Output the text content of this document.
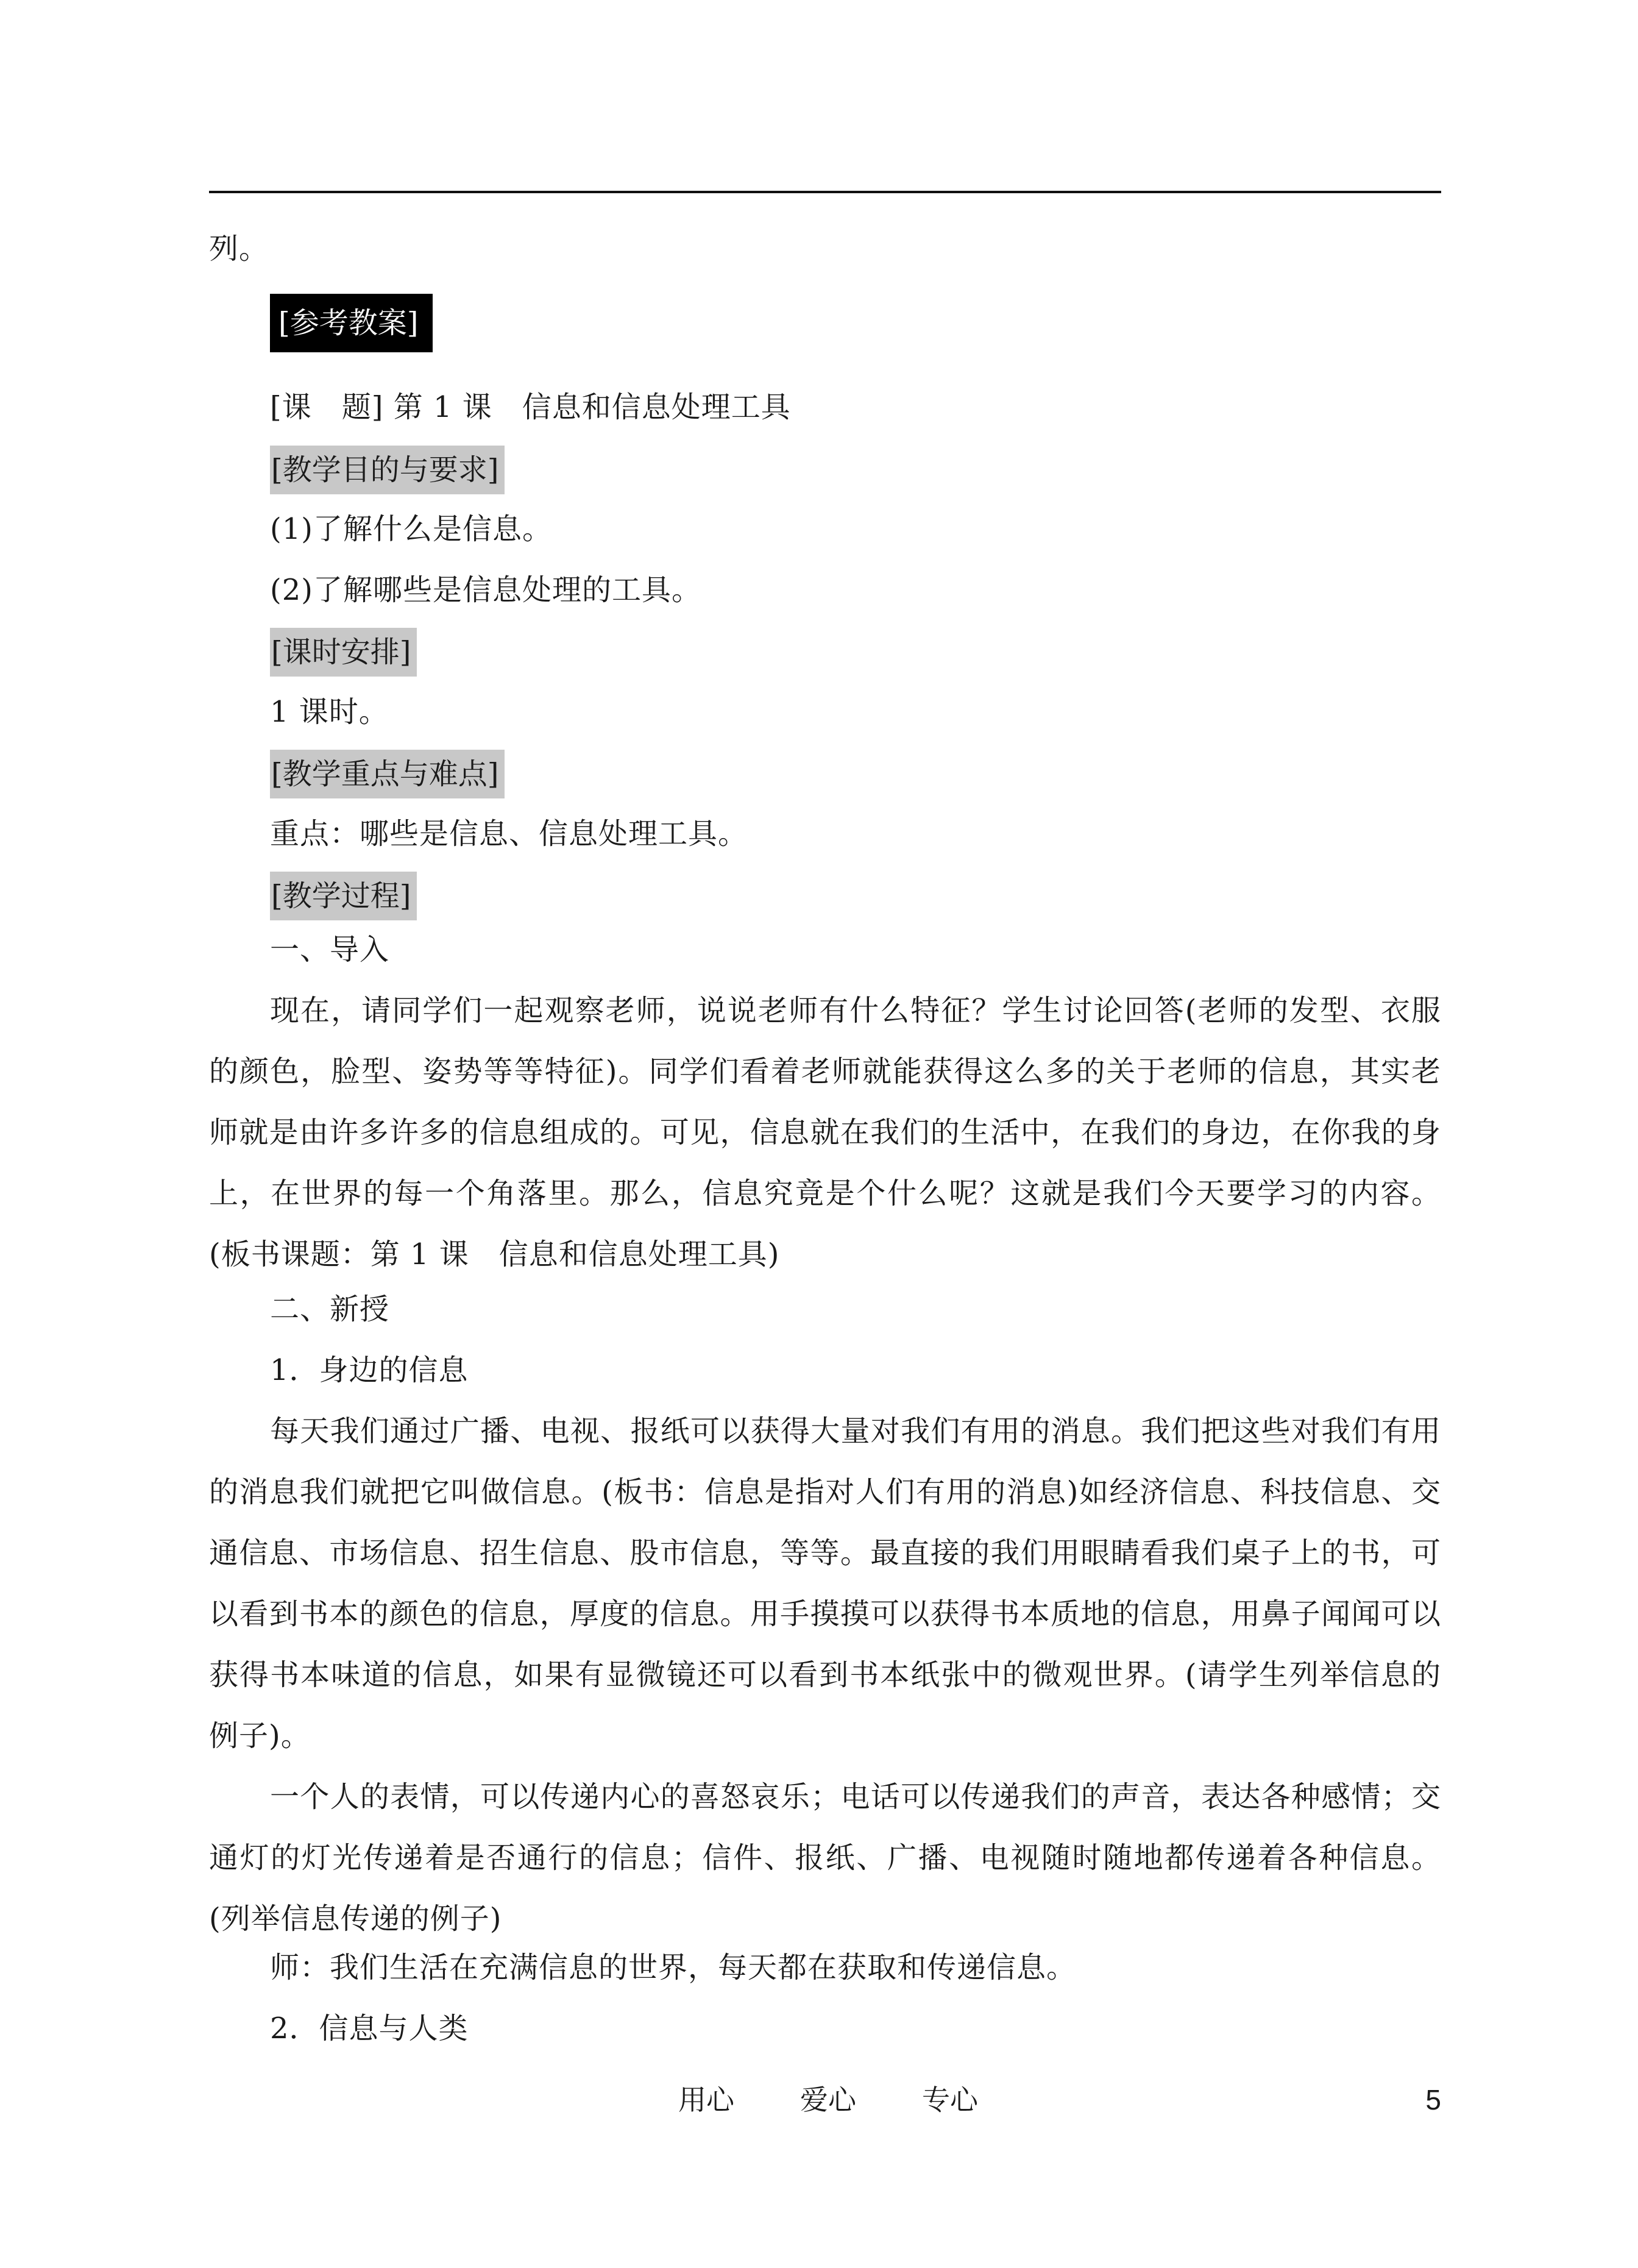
列。
[参考教案]
[课　题] 第 1 课　信息和信息处理工具
[教学目的与要求]
(1)了解什么是信息。
(2)了解哪些是信息处理的工具。
[课时安排]
1 课时。
[教学重点与难点]
重点：哪些是信息、信息处理工具。
[教学过程]
一、导入
现在，请同学们一起观察老师，说说老师有什么特征？学生讨论回答(老师的发型、衣服的颜色，脸型、姿势等等特征)。同学们看着老师就能获得这么多的关于老师的信息，其实老师就是由许多许多的信息组成的。可见，信息就在我们的生活中，在我们的身边，在你我的身上，在世界的每一个角落里。那么，信息究竟是个什么呢？这就是我们今天要学习的内容。(板书课题：第 1 课　信息和信息处理工具)
二、新授
1．身边的信息
每天我们通过广播、电视、报纸可以获得大量对我们有用的消息。我们把这些对我们有用的消息我们就把它叫做信息。(板书：信息是指对人们有用的消息)如经济信息、科技信息、交通信息、市场信息、招生信息、股市信息，等等。最直接的我们用眼睛看我们桌子上的书，可以看到书本的颜色的信息，厚度的信息。用手摸摸可以获得书本质地的信息，用鼻子闻闻可以获得书本味道的信息，如果有显微镜还可以看到书本纸张中的微观世界。(请学生列举信息的例子)。
一个人的表情，可以传递内心的喜怒哀乐；电话可以传递我们的声音，表达各种感情；交通灯的灯光传递着是否通行的信息；信件、报纸、广播、电视随时随地都传递着各种信息。(列举信息传递的例子)
师：我们生活在充满信息的世界，每天都在获取和传递信息。
2．信息与人类
用心 爱心 专心	5
